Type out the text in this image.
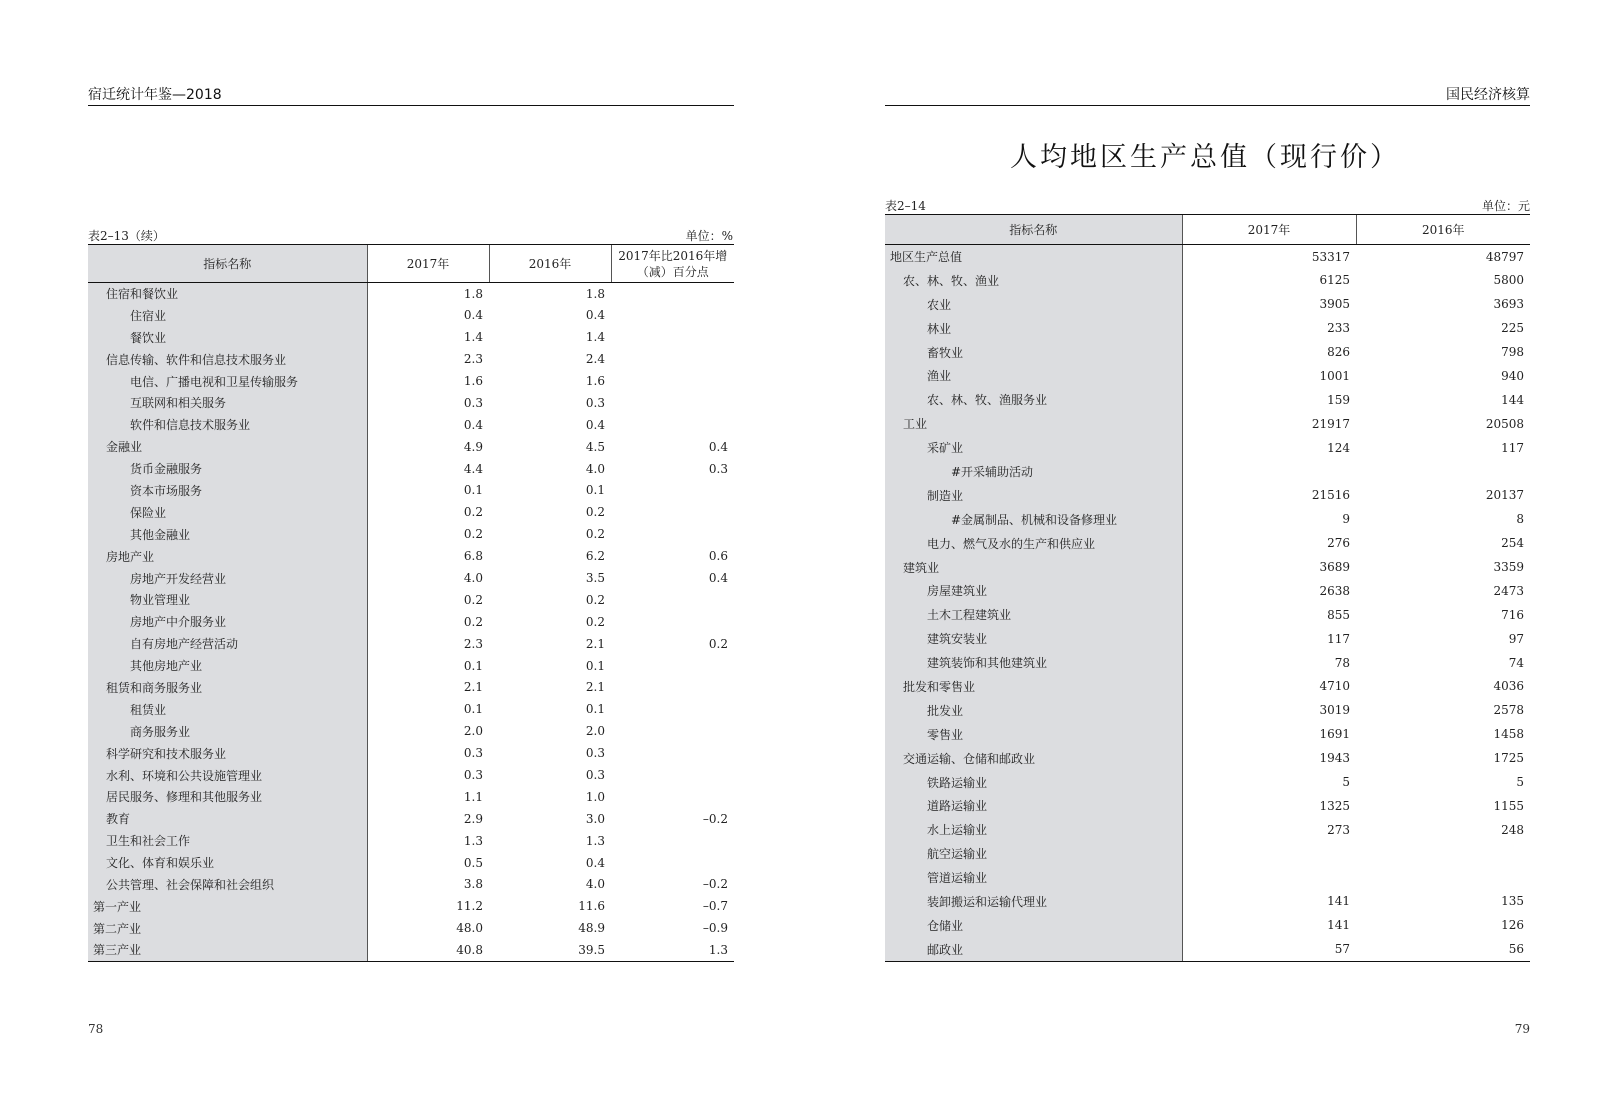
宿迁统计年鉴—2018
表2–13（续）	单位：%
指标名称	2017年	2016年	2017年比2016年增（减）百分点
住宿和餐饮业	1.8	1.8	
住宿业	0.4	0.4	
餐饮业	1.4	1.4	
信息传输、软件和信息技术服务业	2.3	2.4	
电信、广播电视和卫星传输服务	1.6	1.6	
互联网和相关服务	0.3	0.3	
软件和信息技术服务业	0.4	0.4	
金融业	4.9	4.5	0.4
货币金融服务	4.4	4.0	0.3
资本市场服务	0.1	0.1	
保险业	0.2	0.2	
其他金融业	0.2	0.2	
房地产业	6.8	6.2	0.6
房地产开发经营业	4.0	3.5	0.4
物业管理业	0.2	0.2	
房地产中介服务业	0.2	0.2	
自有房地产经营活动	2.3	2.1	0.2
其他房地产业	0.1	0.1	
租赁和商务服务业	2.1	2.1	
租赁业	0.1	0.1	
商务服务业	2.0	2.0	
科学研究和技术服务业	0.3	0.3	
水利、环境和公共设施管理业	0.3	0.3	
居民服务、修理和其他服务业	1.1	1.0	
教育	2.9	3.0	–0.2
卫生和社会工作	1.3	1.3	
文化、体育和娱乐业	0.5	0.4	
公共管理、社会保障和社会组织	3.8	4.0	–0.2
第一产业	11.2	11.6	–0.7
第二产业	48.0	48.9	–0.9
第三产业	40.8	39.5	1.3
78
国民经济核算
人均地区生产总值（现行价）
表2–14	单位：元
指标名称	2017年	2016年
地区生产总值	53317	48797
农、林、牧、渔业	6125	5800
农业	3905	3693
林业	233	225
畜牧业	826	798
渔业	1001	940
农、林、牧、渔服务业	159	144
工业	21917	20508
采矿业	124	117
#开采辅助活动		
制造业	21516	20137
#金属制品、机械和设备修理业	9	8
电力、燃气及水的生产和供应业	276	254
建筑业	3689	3359
房屋建筑业	2638	2473
土木工程建筑业	855	716
建筑安装业	117	97
建筑装饰和其他建筑业	78	74
批发和零售业	4710	4036
批发业	3019	2578
零售业	1691	1458
交通运输、仓储和邮政业	1943	1725
铁路运输业	5	5
道路运输业	1325	1155
水上运输业	273	248
航空运输业		
管道运输业		
装卸搬运和运输代理业	141	135
仓储业	141	126
邮政业	57	56
79
